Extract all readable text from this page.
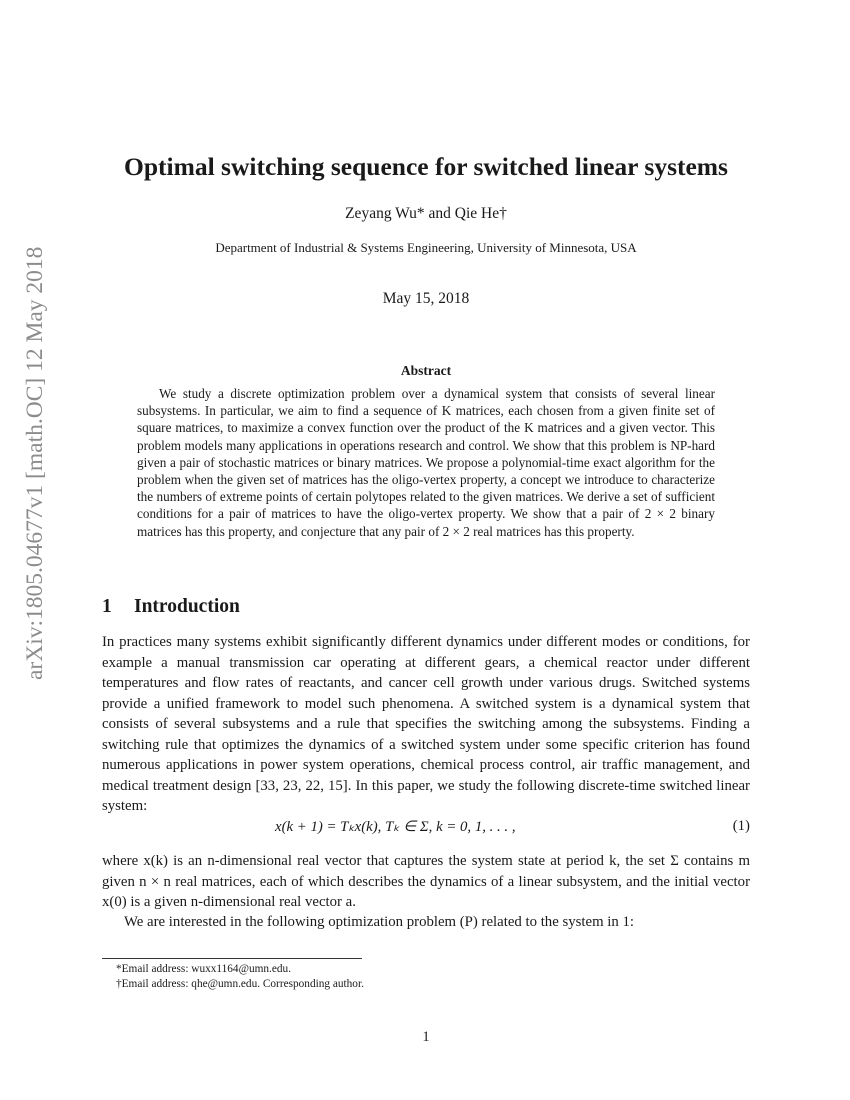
arXiv:1805.04677v1 [math.OC] 12 May 2018
Optimal switching sequence for switched linear systems
Zeyang Wu* and Qie He†
Department of Industrial & Systems Engineering, University of Minnesota, USA
May 15, 2018
Abstract

We study a discrete optimization problem over a dynamical system that consists of several linear subsystems. In particular, we aim to find a sequence of K matrices, each chosen from a given finite set of square matrices, to maximize a convex function over the product of the K matrices and a given vector. This problem models many applications in operations research and control. We show that this problem is NP-hard given a pair of stochastic matrices or binary matrices. We propose a polynomial-time exact algorithm for the problem when the given set of matrices has the oligo-vertex property, a concept we introduce to characterize the numbers of extreme points of certain polytopes related to the given matrices. We derive a set of sufficient conditions for a pair of matrices to have the oligo-vertex property. We show that a pair of 2 × 2 binary matrices has this property, and conjecture that any pair of 2 × 2 real matrices has this property.

1 Introduction

In practices many systems exhibit significantly different dynamics under different modes or conditions, for example a manual transmission car operating at different gears, a chemical reactor under different temperatures and flow rates of reactants, and cancer cell growth under various drugs. Switched systems provide a unified framework to model such phenomena. A switched system is a dynamical system that consists of several subsystems and a rule that specifies the switching among the subsystems. Finding a switching rule that optimizes the dynamics of a switched system under some specific criterion has found numerous applications in power system operations, chemical process control, air traffic management, and medical treatment design [33, 23, 22, 15]. In this paper, we study the following discrete-time switched linear system:

x(k + 1) = Tₖx(k), Tₖ ∈ Σ, k = 0, 1, . . . ,	(1)

where x(k) is an n-dimensional real vector that captures the system state at period k, the set Σ contains m given n × n real matrices, each of which describes the dynamics of a linear subsystem, and the initial vector x(0) is a given n-dimensional real vector a.

We are interested in the following optimization problem (P) related to the system in 1:

*Email address: wuxx1164@umn.edu.
†Email address: qhe@umn.edu. Corresponding author.
1
